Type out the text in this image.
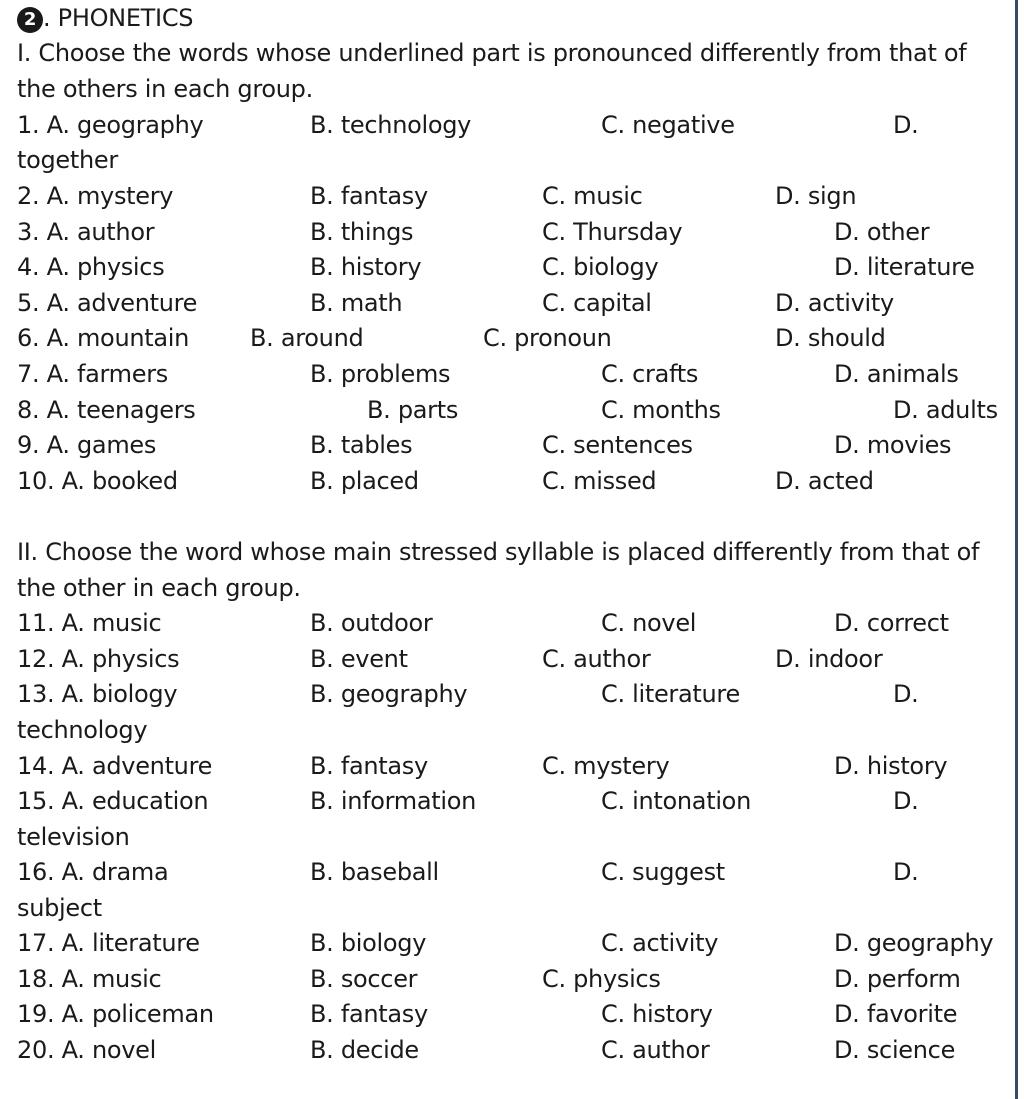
2 . PHONETICS
I. Choose the words whose underlined part is pronounced differently from that of
the others in each group.
1. A. geography	B. technology	C. negative	D.
together
2. A. mystery	B. fantasy	C. music	D. sign
3. A. author	B. things	C. Thursday	D. other
4. A. physics	B. history	C. biology	D. literature
5. A. adventure	B. math	C. capital	D. activity
6. A. mountain	B. around	C. pronoun	D. should
7. A. farmers	B. problems	C. crafts	D. animals
8. A. teenagers	B. parts	C. months	D. adults
9. A. games	B. tables	C. sentences	D. movies
10. A. booked	B. placed	C. missed	D. acted
II. Choose the word whose main stressed syllable is placed differently from that of
the other in each group.
11. A. music	B. outdoor	C. novel	D. correct
12. A. physics	B. event	C. author	D. indoor
13. A. biology	B. geography	C. literature	D.
technology
14. A. adventure	B. fantasy	C. mystery	D. history
15. A. education	B. information	C. intonation	D.
television
16. A. drama	B. baseball	C. suggest	D.
subject
17. A. literature	B. biology	C. activity	D. geography
18. A. music	B. soccer	C. physics	D. perform
19. A. policeman	B. fantasy	C. history	D. favorite
20. A. novel	B. decide	C. author	D. science
